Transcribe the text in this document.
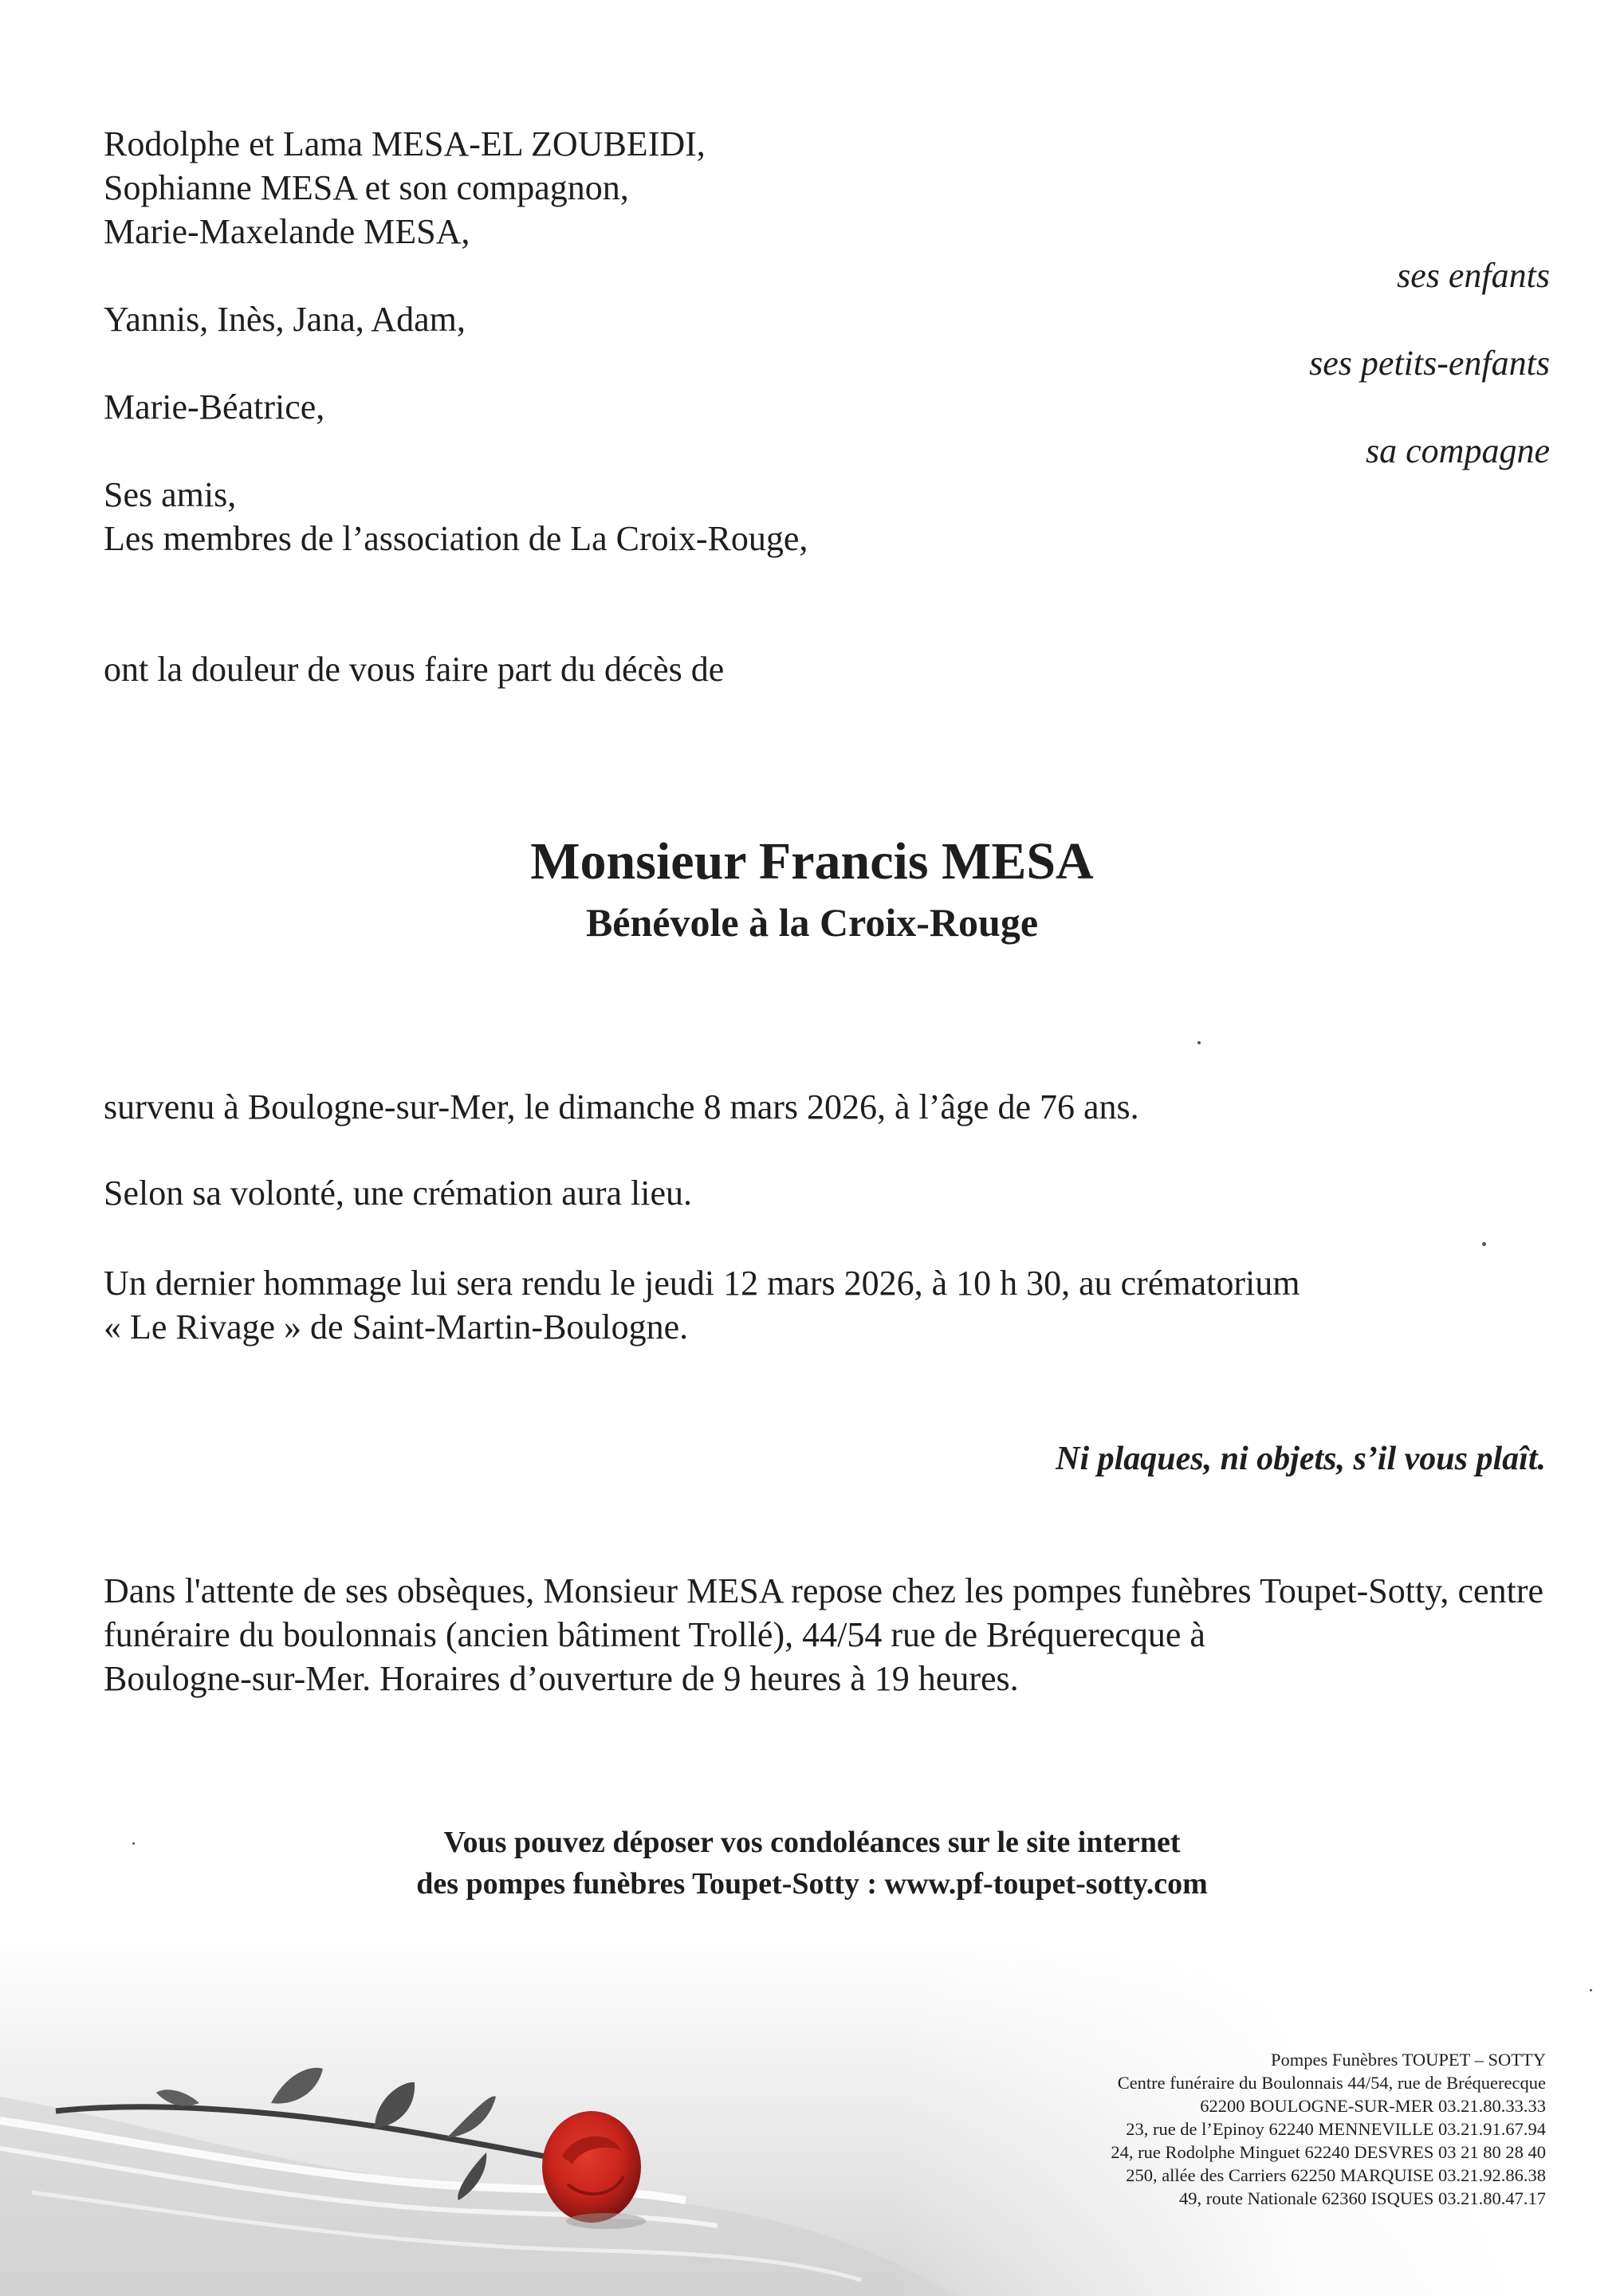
Rodolphe et Lama MESA-EL ZOUBEIDI,

Sophianne MESA et son compagnon,

Marie-Maxelande MESA,

ses enfants

Yannis, Inès, Jana, Adam,

ses petits-enfants

Marie-Béatrice,

sa compagne

Ses amis,

Les membres de l’association de La Croix-Rouge,

ont la douleur de vous faire part du décès de

Monsieur Francis MESA

Bénévole à la Croix-Rouge

survenu à Boulogne-sur-Mer, le dimanche 8 mars 2026, à l’âge de 76 ans.

Selon sa volonté, une crémation aura lieu.

Un dernier hommage lui sera rendu le jeudi 12 mars 2026, à 10 h 30, au crématorium

« Le Rivage » de Saint-Martin-Boulogne.

Ni plaques, ni objets, s’il vous plaît.

Dans l'attente de ses obsèques, Monsieur MESA repose chez les pompes funèbres Toupet-Sotty, centre funéraire du boulonnais (ancien bâtiment Trollé), 44/54 rue de Bréquerecque à
Boulogne-sur-Mer. Horaires d’ouverture de 9 heures à 19 heures.

Vous pouvez déposer vos condoléances sur le site internet

des pompes funèbres Toupet-Sotty : www.pf-toupet-sotty.com

Pompes Funèbres TOUPET – SOTTY
Centre funéraire du Boulonnais 44/54, rue de Bréquerecque
62200 BOULOGNE-SUR-MER 03.21.80.33.33
23, rue de l’Epinoy 62240 MENNEVILLE 03.21.91.67.94
24, rue Rodolphe Minguet 62240 DESVRES 03 21 80 28 40
250, allée des Carriers 62250 MARQUISE 03.21.92.86.38
49, route Nationale 62360 ISQUES 03.21.80.47.17
